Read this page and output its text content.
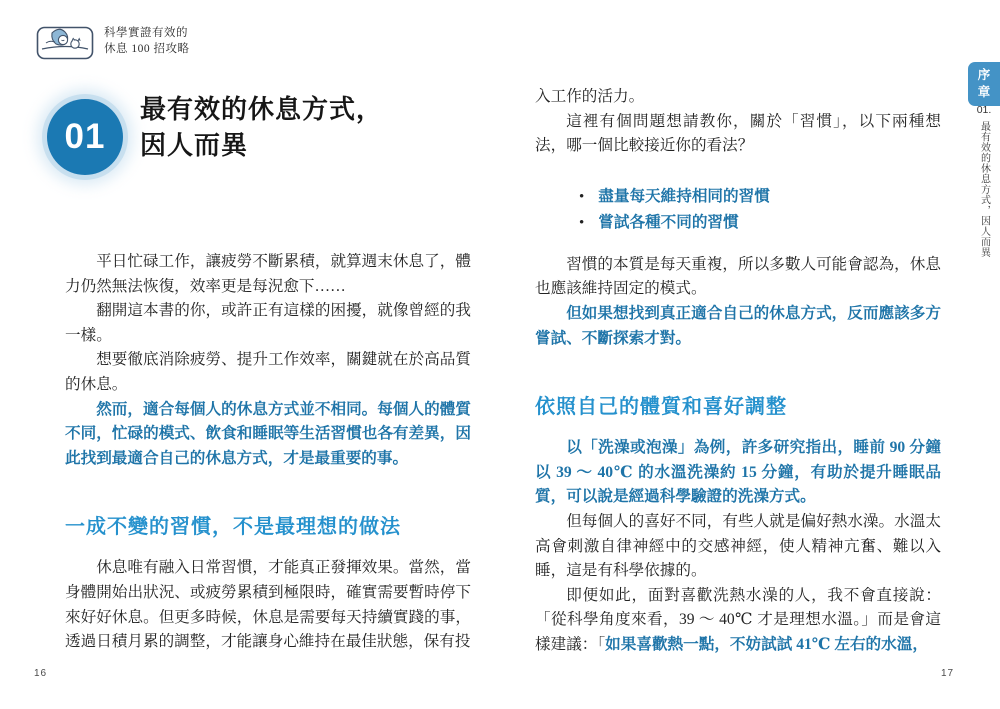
科學實證有效的
休息 100 招攻略
01
最有效的休息方式，
因人而異

平日忙碌工作，讓疲勞不斷累積，就算週末休息了，體力仍然無法恢復，效率更是每況愈下……

翻開這本書的你，或許正有這樣的困擾，就像曾經的我一樣。

想要徹底消除疲勞、提升工作效率，關鍵就在於高品質的休息。

然而，適合每個人的休息方式並不相同。每個人的體質不同，忙碌的模式、飲食和睡眠等生活習慣也各有差異，因此找到最適合自己的休息方式，才是最重要的事。

一成不變的習慣，不是最理想的做法

休息唯有融入日常習慣，才能真正發揮效果。當然，當身體開始出狀況、或疲勞累積到極限時，確實需要暫時停下來好好休息。但更多時候，休息是需要每天持續實踐的事，透過日積月累的調整，才能讓身心維持在最佳狀態，保有投

入工作的活力。

這裡有個問題想請教你，關於「習慣」，以下兩種想法，哪一個比較接近你的看法？

• 盡量每天維持相同的習慣
• 嘗試各種不同的習慣

習慣的本質是每天重複，所以多數人可能會認為，休息也應該維持固定的模式。

但如果想找到真正適合自己的休息方式，反而應該多方嘗試、不斷探索才對。

依照自己的體質和喜好調整

以「洗澡或泡澡」為例，許多研究指出，睡前 90 分鐘以 39 ～ 40℃ 的水溫洗澡約 15 分鐘，有助於提升睡眠品質，可以說是經過科學驗證的洗澡方式。

但每個人的喜好不同，有些人就是偏好熱水澡。水溫太高會刺激自律神經中的交感神經，使人精神亢奮、難以入睡，這是有科學依據的。

即便如此，面對喜歡洗熱水澡的人，我不會直接說：「從科學角度來看，39 ～ 40℃ 才是理想水溫。」而是會這樣建議：「如果喜歡熱一點，不妨試試 41℃ 左右的水溫，

16	17
序
章
01.
最有效的休息方式，因人而異
